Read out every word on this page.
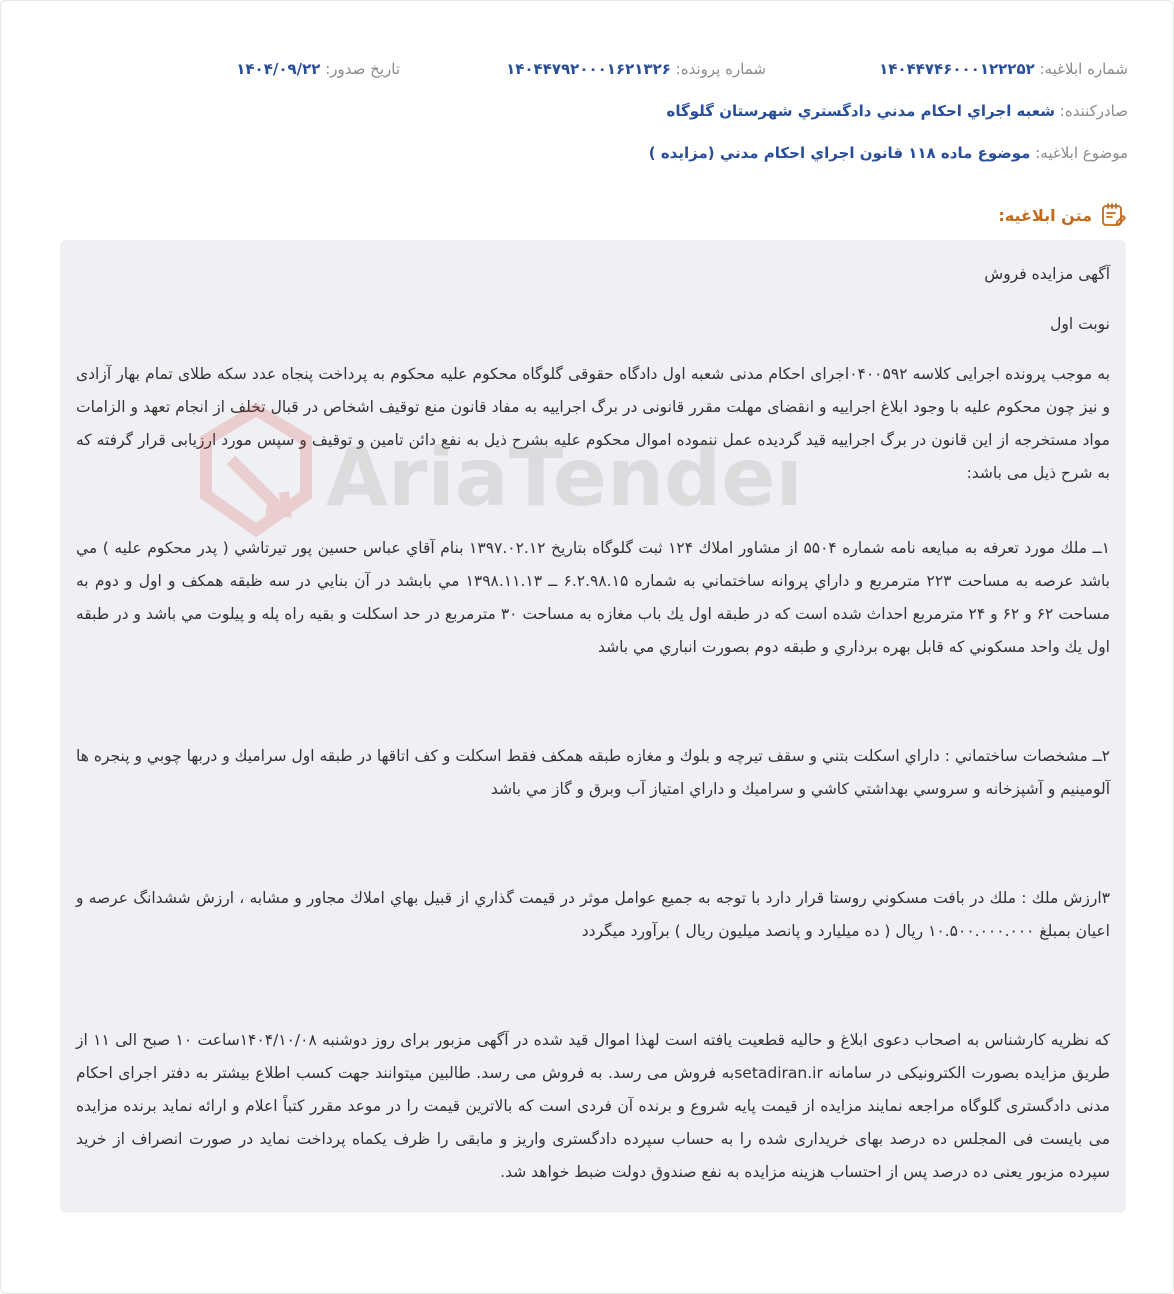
شماره ابلاغيه: ۱۴۰۴۴۷۴۶۰۰۰۱۲۲۲۵۲
شماره پرونده: ۱۴۰۴۴۷۹۲۰۰۰۱۶۲۱۳۲۶
تاريخ صدور: ۱۴۰۴/۰۹/۲۲
صادرکننده: شعبه اجراي احكام مدني دادگستري شهرستان گلوگاه
موضوع ابلاغيه: موضوع ماده ۱۱۸ قانون اجراي احكام مدني (مزايده )
متن ابلاغيه:

آگهی مزایده فروش

نوبت اول

به موجب پرونده اجرایی کلاسه ۰۴۰۰۵۹۲اجرای احکام مدنی شعبه اول دادگاه حقوقی گلوگاه محکوم علیه محکوم به پرداخت پنجاه عدد سکه طلای تمام بهار آزادی و نیز چون محکوم علیه با وجود ابلاغ اجراییه و انقضای مهلت مقرر قانونی در برگ اجراییه به مفاد قانون منع توقیف اشخاص در قبال تخلف از انجام تعهد و الزامات مواد مستخرجه از این قانون در برگ اجراییه قید گردیده عمل ننموده اموال محکوم علیه بشرح ذیل به نفع دائن تامین و توقیف و سپس مورد ارزیابی قرار گرفته که به شرح ذیل می باشد:

۱ــ ملك مورد تعرفه به مبايعه نامه شماره ۵۵۰۴ از مشاور املاك ۱۲۴ ثبت گلوگاه بتاريخ ۱۳۹۷.۰۲.۱۲ بنام آقاي عباس حسين پور تيرتاشي ( پدر محكوم عليه ) مي باشد عرصه به مساحت ۲۲۳ مترمربع و داراي پروانه ساختماني به شماره ۶.۲.۹۸.۱۵ ــ ۱۳۹۸.۱۱.۱۳ مي بابشد در آن بنايي در سه ظبقه همكف و اول و دوم به مساحت ۶۲ و ۶۲ و ۲۴ مترمربع احداث شده است كه در طبقه اول يك باب مغازه به مساحت ۳۰ مترمربع در حد اسكلت و بقيه راه پله و پيلوت مي باشد و در طبقه اول يك واحد مسكوني كه قابل بهره برداري و طبقه دوم بصورت انباري مي باشد

۲ــ مشخصات ساختماني : داراي اسكلت بتني و سقف تيرچه و بلوك و مغازه طبقه همكف فقط اسكلت و كف اتاقها در طبقه اول سراميك و دربها چوبي و پنجره ها آلومينيم و آشپزخانه و سروسي بهداشتي كاشي و سراميك و داراي امتياز آب وبرق و گاز مي باشد

۳ارزش ملك : ملك در بافت مسكوني روستا قرار دارد با توجه به جميع عوامل موثر در قيمت گذاري از قبيل بهاي املاك مجاور و مشابه ، ارزش ششدانگ عرصه و اعيان بمبلغ ۱۰.۵۰۰.۰۰۰.۰۰۰ ريال ( ده ميليارد و پانصد ميليون ريال ) برآورد ميگردد

که نظریه کارشناس به اصحاب دعوی ابلاغ و حالیه قطعیت یافته است لهذا اموال قید شده در آگهی مزبور برای روز دوشنبه ۱۴۰۴/۱۰/۰۸ساعت ۱۰ صبح الی ۱۱ از طریق مزایده بصورت الکترونیکی در سامانه setadiran.irبه فروش می رسد. به فروش می رسد. طالبین میتوانند جهت کسب اطلاع بیشتر به دفتر اجرای احکام مدنی دادگستری گلوگاه مراجعه نمایند مزایده از قیمت پایه شروع و برنده آن فردی است که بالاترین قیمت را در موعد مقرر کتباً اعلام و ارائه نماید برنده مزایده می بایست فی المجلس ده درصد بهای خریداری شده را به حساب سپرده دادگستری واریز و مابقی را ظرف یکماه پرداخت نماید در صورت انصراف از خرید سپرده مزبور یعنی ده درصد پس از احتساب هزینه مزایده به نفع صندوق دولت ضبط خواهد شد.

AriaTender
